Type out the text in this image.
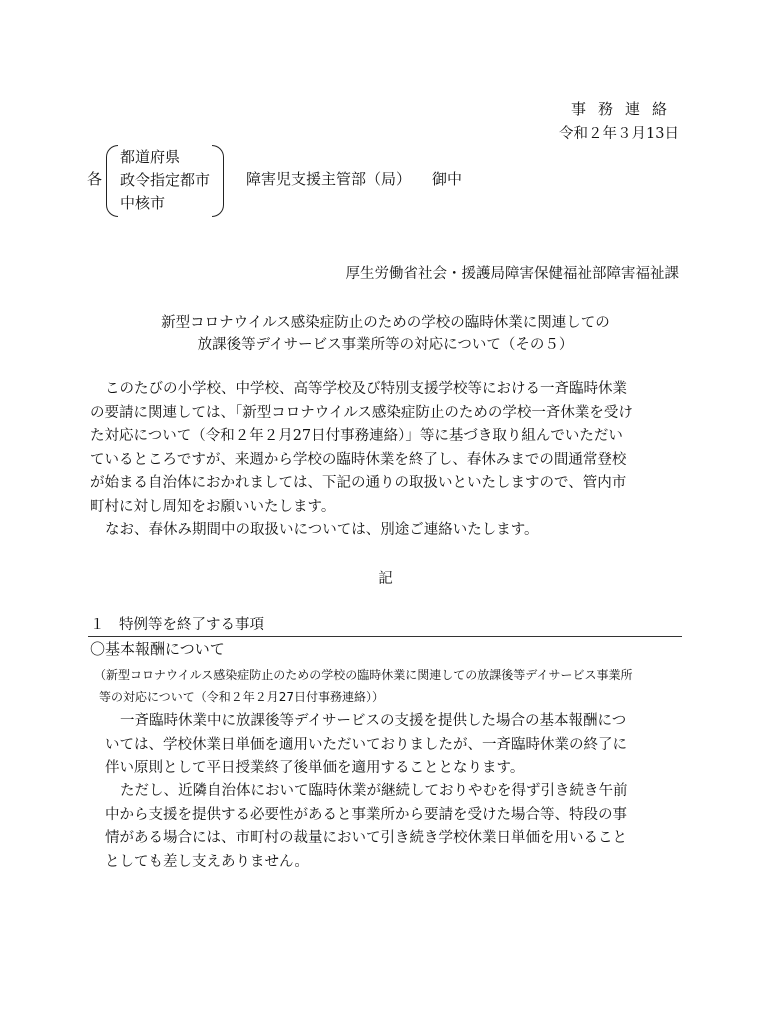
事務連絡
令和２年３月13日
各
都道府県
政令指定都市
中核市
障害児支援主管部（局） 御中
厚生労働省社会・援護局障害保健福祉部障害福祉課
新型コロナウイルス感染症防止のための学校の臨時休業に関連しての
放課後等デイサービス事業所等の対応について（その５）
このたびの小学校、中学校、高等学校及び特別支援学校等における一斉臨時休業
の要請に関連しては、「新型コロナウイルス感染症防止のための学校一斉休業を受け
た対応について（令和２年２月27日付事務連絡）」等に基づき取り組んでいただい
ているところですが、来週から学校の臨時休業を終了し、春休みまでの間通常登校
が始まる自治体におかれましては、下記の通りの取扱いといたしますので、管内市
町村に対し周知をお願いいたします。
なお、春休み期間中の取扱いについては、別途ご連絡いたします。
記
１　特例等を終了する事項
〇基本報酬について
（新型コロナウイルス感染症防止のための学校の臨時休業に関連しての放課後等デイサービス事業所
等の対応について（令和２年２月27日付事務連絡））
一斉臨時休業中に放課後等デイサービスの支援を提供した場合の基本報酬につ
いては、学校休業日単価を適用いただいておりましたが、一斉臨時休業の終了に
伴い原則として平日授業終了後単価を適用することとなります。
ただし、近隣自治体において臨時休業が継続しておりやむを得ず引き続き午前
中から支援を提供する必要性があると事業所から要請を受けた場合等、特段の事
情がある場合には、市町村の裁量において引き続き学校休業日単価を用いること
としても差し支えありません。
